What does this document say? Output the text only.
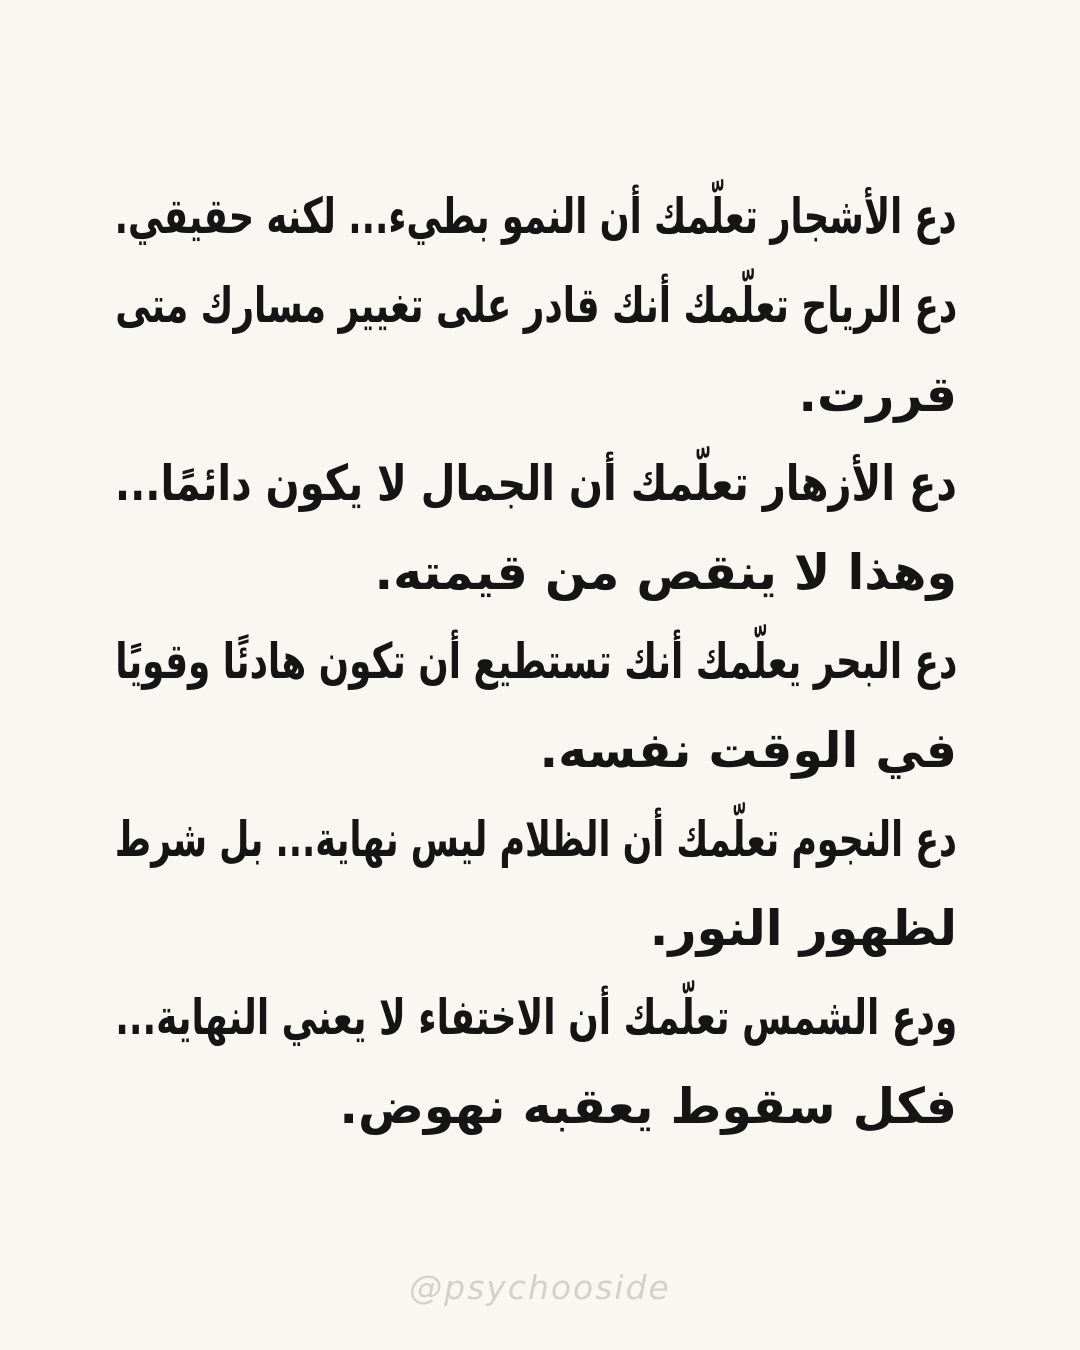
دع الأشجار تعلّمك أن النمو بطيء... لكنه حقيقي.
دع الرياح تعلّمك أنك قادر على تغيير مسارك متى
قررت.
دع الأزهار تعلّمك أن الجمال لا يكون دائمًا...
وهذا لا ينقص من قيمته.
دع البحر يعلّمك أنك تستطيع أن تكون هادئًا وقويًا
في الوقت نفسه.
دع النجوم تعلّمك أن الظلام ليس نهاية... بل شرط
لظهور النور.
ودع الشمس تعلّمك أن الاختفاء لا يعني النهاية...
فكل سقوط يعقبه نهوض.
@psychooside
